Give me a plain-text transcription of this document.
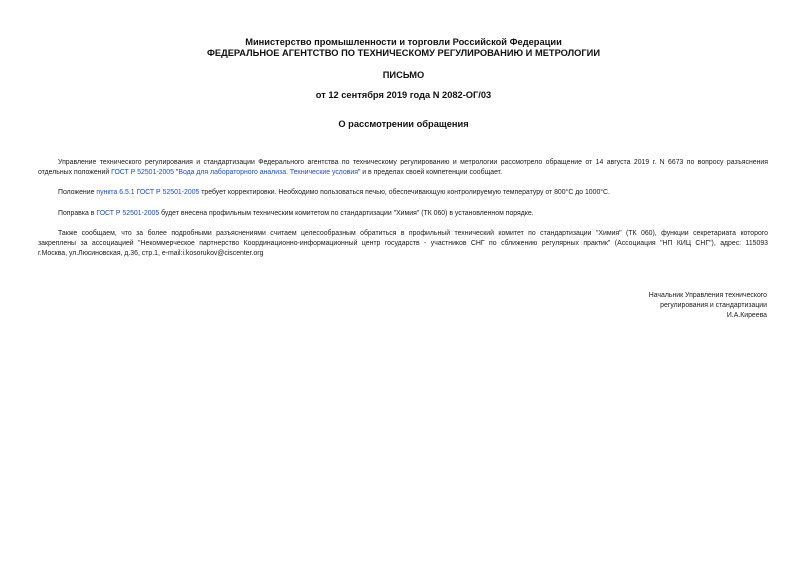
Министерство промышленности и торговли Российской Федерации
ФЕДЕРАЛЬНОЕ АГЕНТСТВО ПО ТЕХНИЧЕСКОМУ РЕГУЛИРОВАНИЮ И МЕТРОЛОГИИ
ПИСЬМО
от 12 сентября 2019 года N 2082-ОГ/03
О рассмотрении обращения
Управление технического регулирования и стандартизации Федерального агентства по техническому регулированию и метрологии рассмотрело обращение от 14 августа 2019 г. N 6673 по вопросу разъяснения
отдельных положений ГОСТ Р 52501-2005 "Вода для лабораторного анализа. Технические условия" и в пределах своей компетенции сообщает.
Положение пункта 6.5.1 ГОСТ Р 52501-2005 требует корректировки. Необходимо пользоваться печью, обеспечивающую контролируемую температуру от 800°С до 1000°С.
Поправка в ГОСТ Р 52501-2005 будет внесена профильным техническим комитетом по стандартизации "Химия" (ТК 060) в установленном порядке.
Также сообщаем, что за более подробными разъяснениями считаем целесообразным обратиться в профильный технический комитет по стандартизации "Химия" (ТК 060), функции секретариата которого
закреплены за ассоциацией "Некоммерческое партнерство Координационно-информационный центр государств - участников СНГ по сближению регулярных практик" (Ассоциация "НП КИЦ СНГ"), адрес: 115093
г.Москва, ул.Люсиновская, д.36, стр.1, e-mail:i.kosorukov@ciscenter.org
Начальник Управления технического
регулирования и стандартизации
И.А.Киреева
